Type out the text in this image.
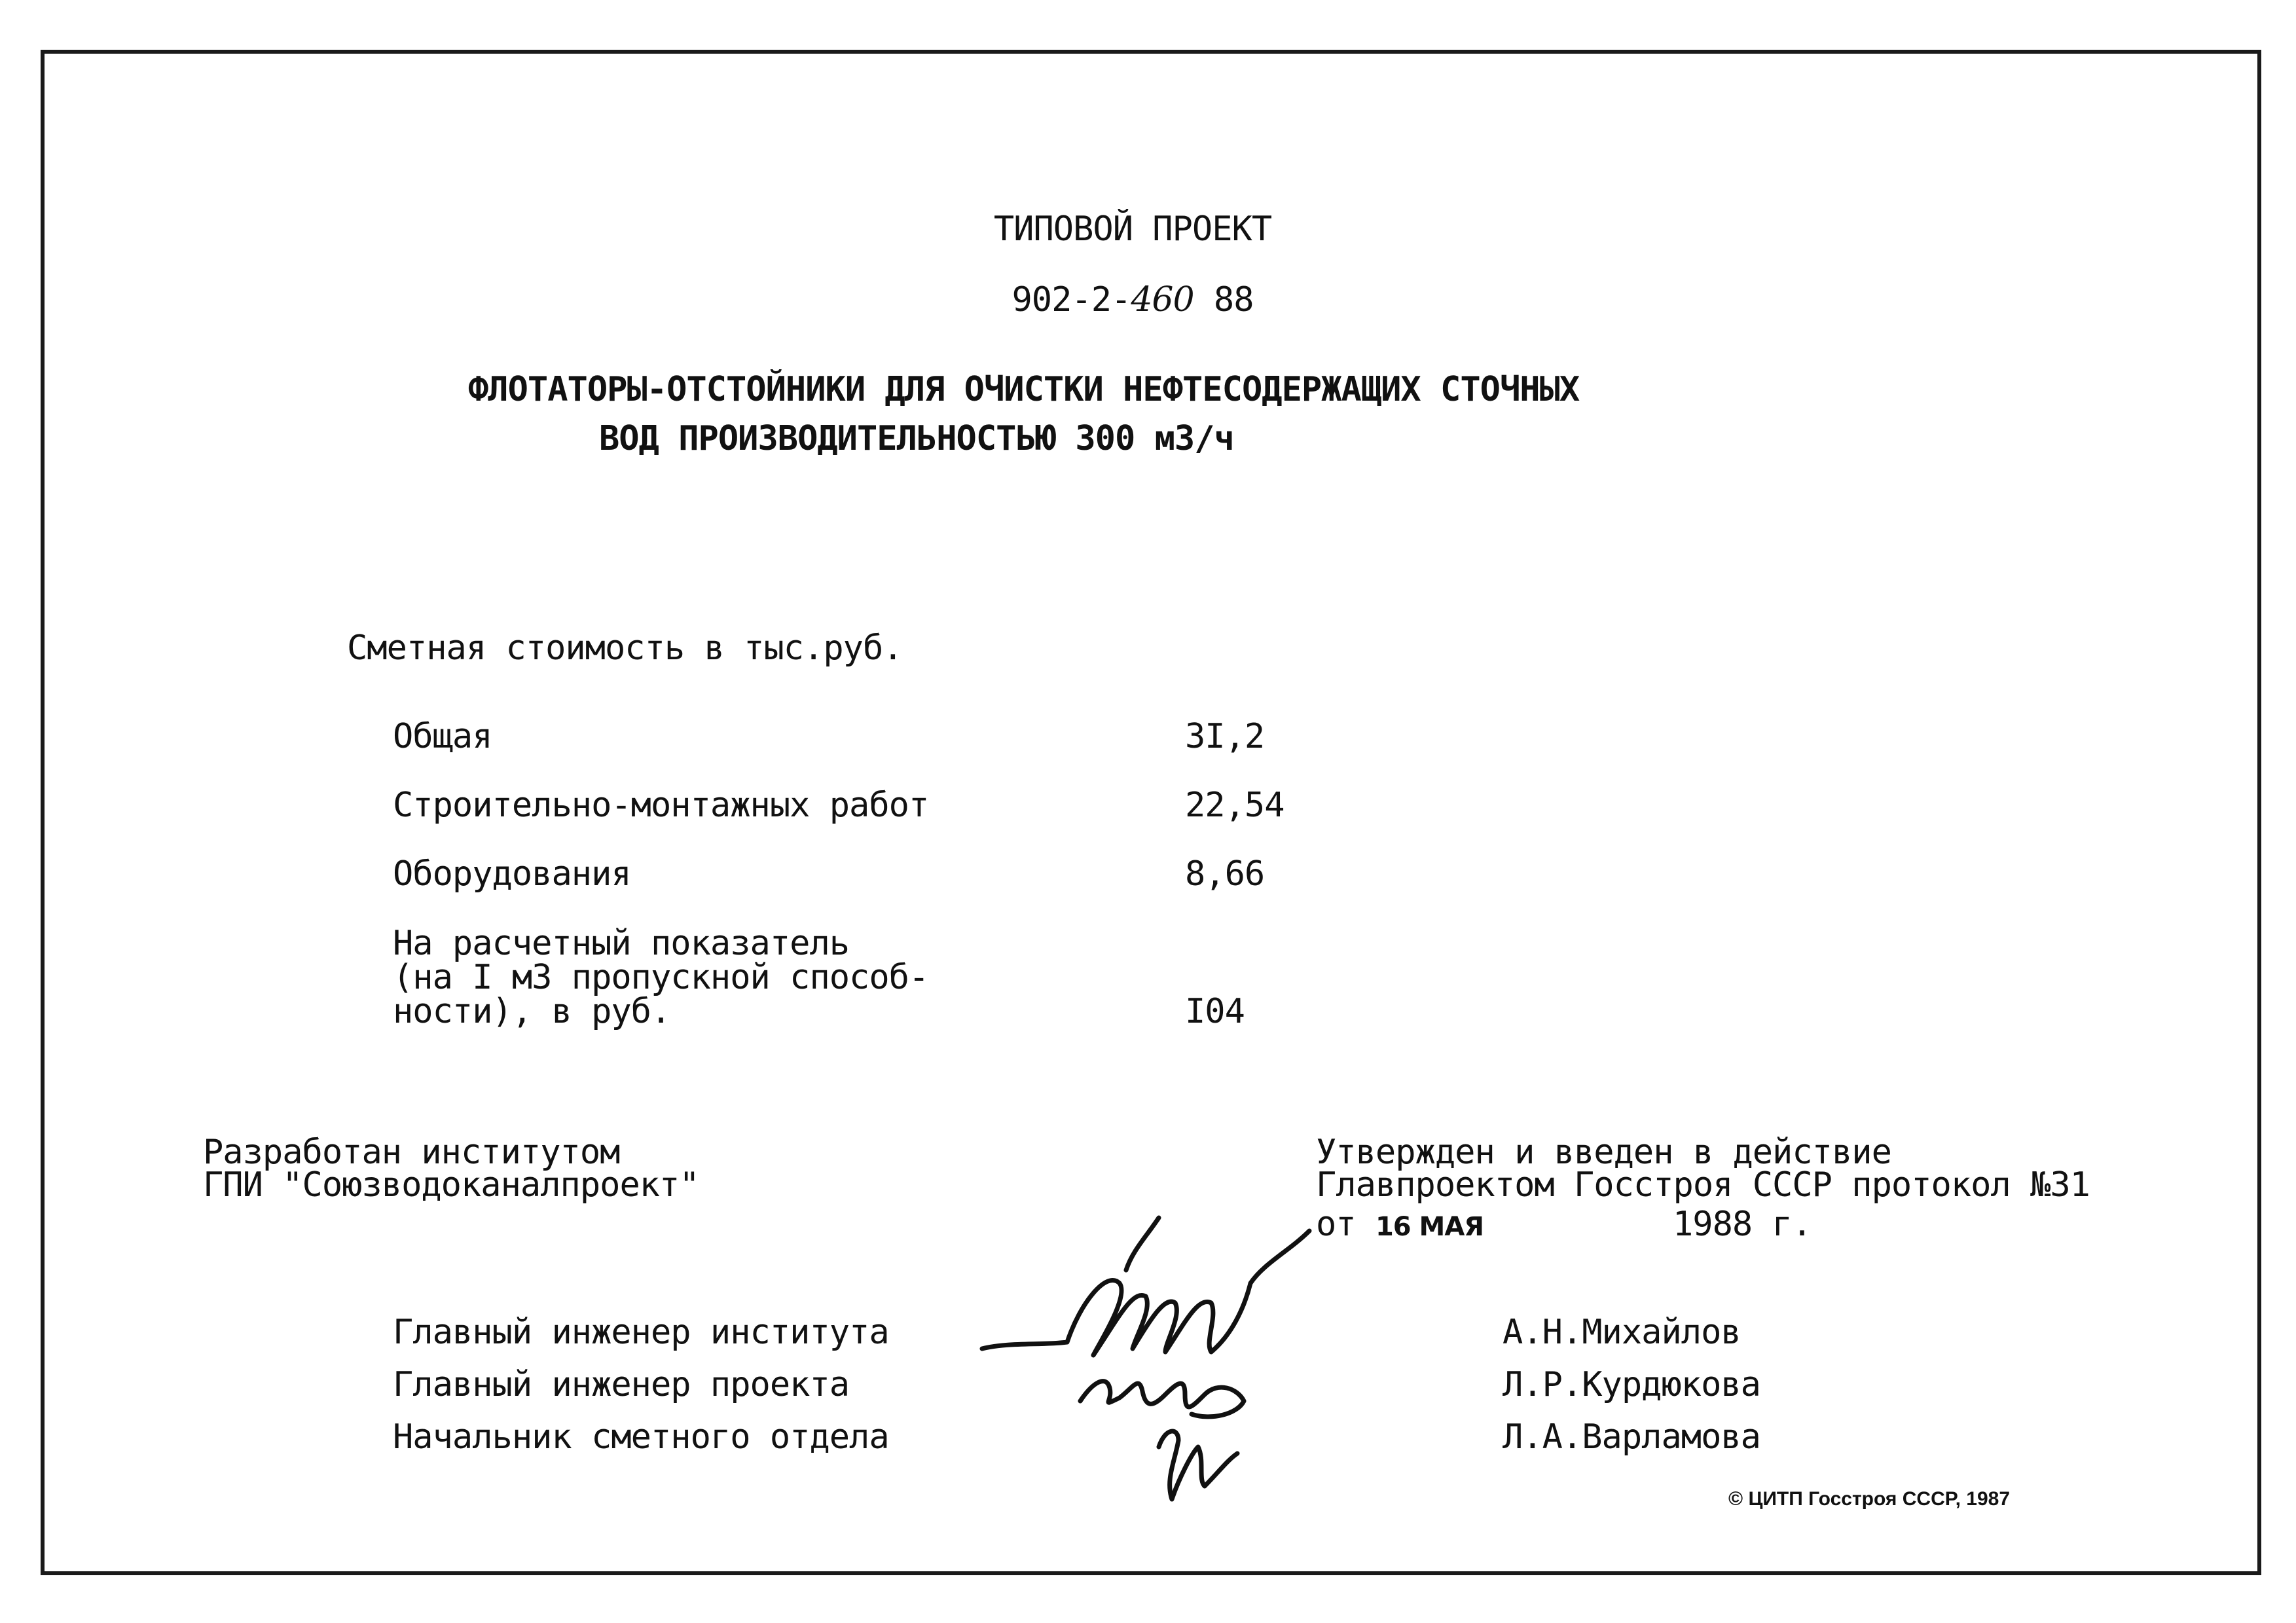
ТИПОВОЙ ПРОЕКТ
902-2-460 88
ФЛОТАТОРЫ-ОТСТОЙНИКИ ДЛЯ ОЧИСТКИ НЕФТЕСОДЕРЖАЩИХ СТОЧНЫХ
ВОД ПРОИЗВОДИТЕЛЬНОСТЬЮ 300 м3/ч
Сметная стоимость в тыс.руб.
Общая	3I,2
Строительно-монтажных работ	22,54
Оборудования	8,66
На расчетный показатель
(на I м3 пропускной способ-
ности), в руб.	I04
Разработан институтом
ГПИ "Союзводоканалпроект"
Утвержден и введен в действие
Главпроектом Госстроя СССР протокол №31
от 16 МАЯ	1988 г.
Главный инженер института	А.Н.Михайлов
Главный инженер проекта	Л.Р.Курдюкова
Начальник сметного отдела	Л.А.Варламова
© ЦИТП Госстроя СССР, 1987
